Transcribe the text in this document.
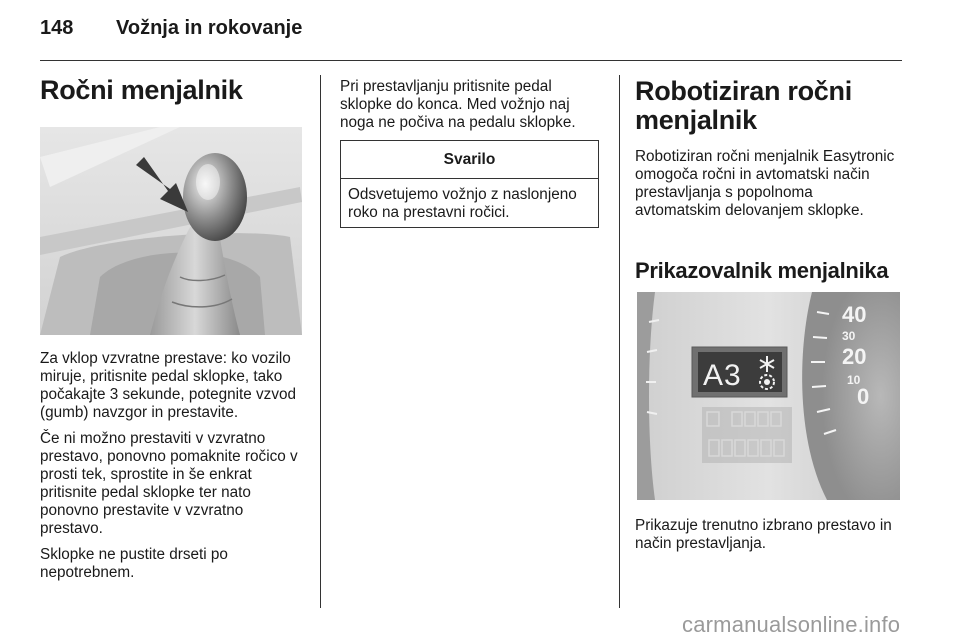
148 Vožnja in rokovanje
Ročni menjalnik

Za vklop vzvratne prestave: ko vozilo miruje, pritisnite pedal sklopke, tako počakajte 3 sekunde, potegnite vzvod (gumb) navzgor in prestavite.

Če ni možno prestaviti v vzvratno prestavo, ponovno pomaknite ročico v prosti tek, sprostite in še enkrat pritisnite pedal sklopke ter nato ponovno prestavite v vzvratno prestavo.

Sklopke ne pustite drseti po nepotrebnem.

Pri prestavljanju pritisnite pedal sklopke do konca. Med vožnjo naj noga ne počiva na pedalu sklopke.

Svarilo
Odsvetujemo vožnjo z naslonjeno roko na prestavni ročici.
Robotiziran ročni menjalnik

Robotiziran ročni menjalnik Easytronic omogoča ročni in avtomatski način prestavljanja s popolnoma avtomatskim delovanjem sklopke.

Prikazovalnik menjalnika
40
30
20
10
0
A3
Prikazuje trenutno izbrano prestavo in način prestavljanja.
carmanualsonline.info
